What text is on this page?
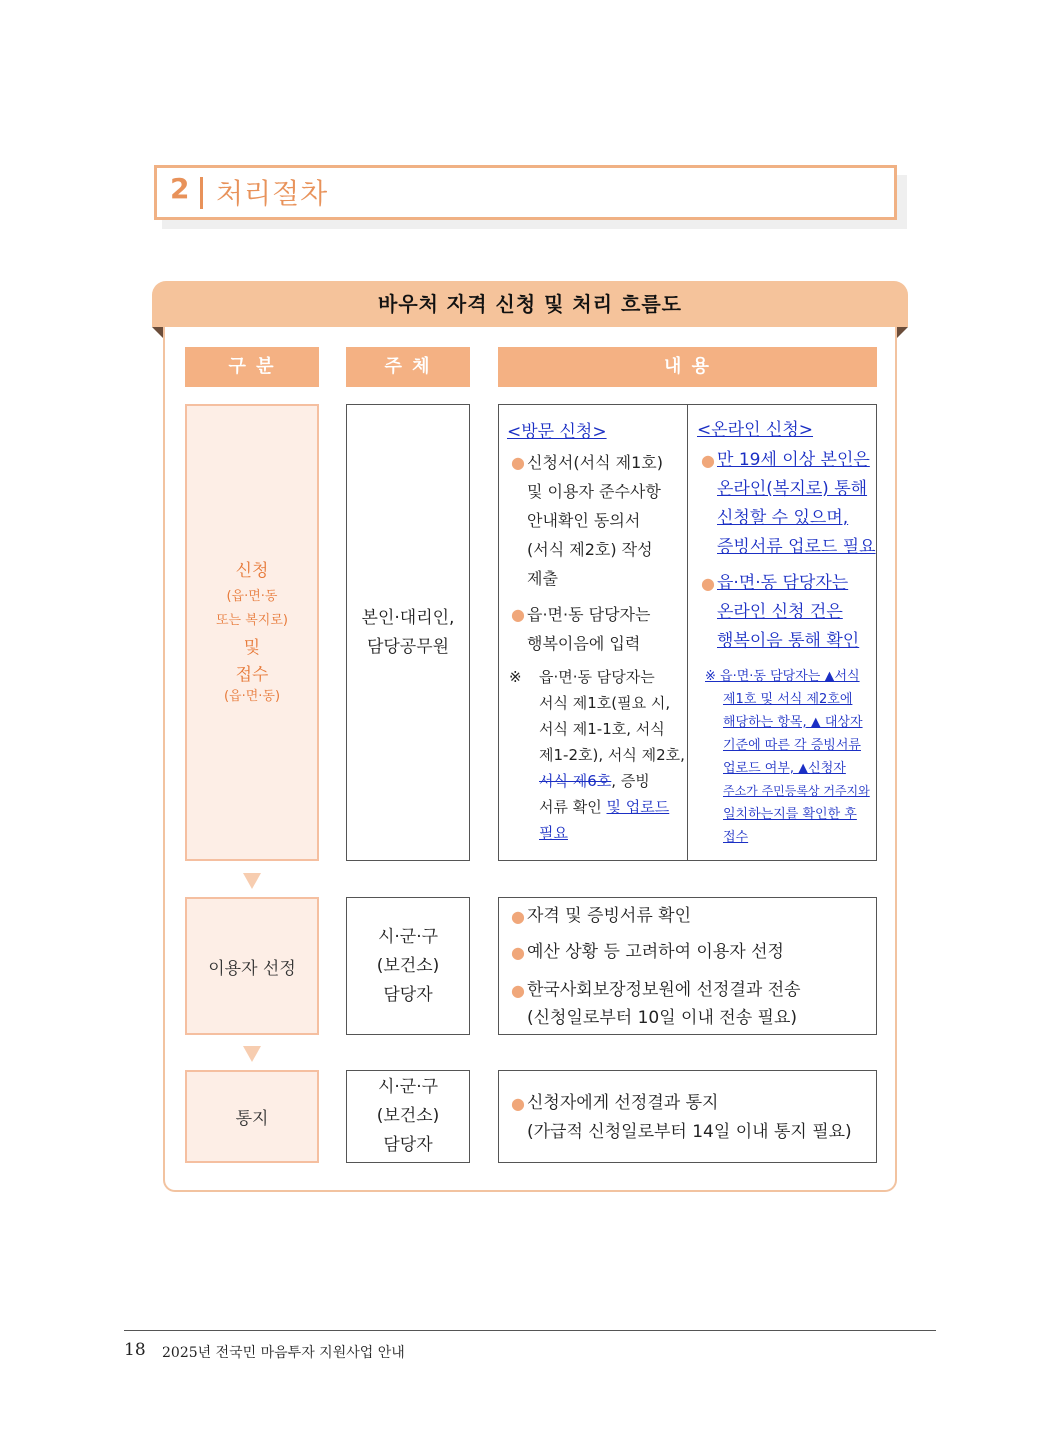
2 처리절차
바우처 자격 신청 및 처리 흐름도
구 분	주 체	내 용
신청
(읍·면·동
또는 복지로)
및
접수
(읍·면·동)
본인·대리인,
담당공무원
<방문 신청>
● 신청서(서식 제1호)
및 이용자 준수사항
안내확인 동의서
(서식 제2호) 작성
제출
● 읍·면·동 담당자는
행복이음에 입력
※ 읍·면·동 담당자는
서식 제1호(필요 시,
서식 제1-1호, 서식
제1-2호), 서식 제2호,
서식 제6호, 증빙
서류 확인 및 업로드
필요
<온라인 신청>
● 만 19세 이상 본인은
온라인(복지로) 통해
신청할 수 있으며,
증빙서류 업로드 필요
● 읍·면·동 담당자는
온라인 신청 건은
행복이음 통해 확인
※ 읍·면·동 담당자는 ▲서식
제1호 및 서식 제2호에
해당하는 항목, ▲ 대상자
기준에 따른 각 증빙서류
업로드 여부, ▲신청자
주소가 주민등록상 거주지와
일치하는지를 확인한 후
접수
이용자 선정
시·군·구
(보건소)
담당자
● 자격 및 증빙서류 확인
● 예산 상황 등 고려하여 이용자 선정
● 한국사회보장정보원에 선정결과 전송
(신청일로부터 10일 이내 전송 필요)
통지
시·군·구
(보건소)
담당자
● 신청자에게 선정결과 통지
(가급적 신청일로부터 14일 이내 통지 필요)
18 2025년 전국민 마음투자 지원사업 안내
